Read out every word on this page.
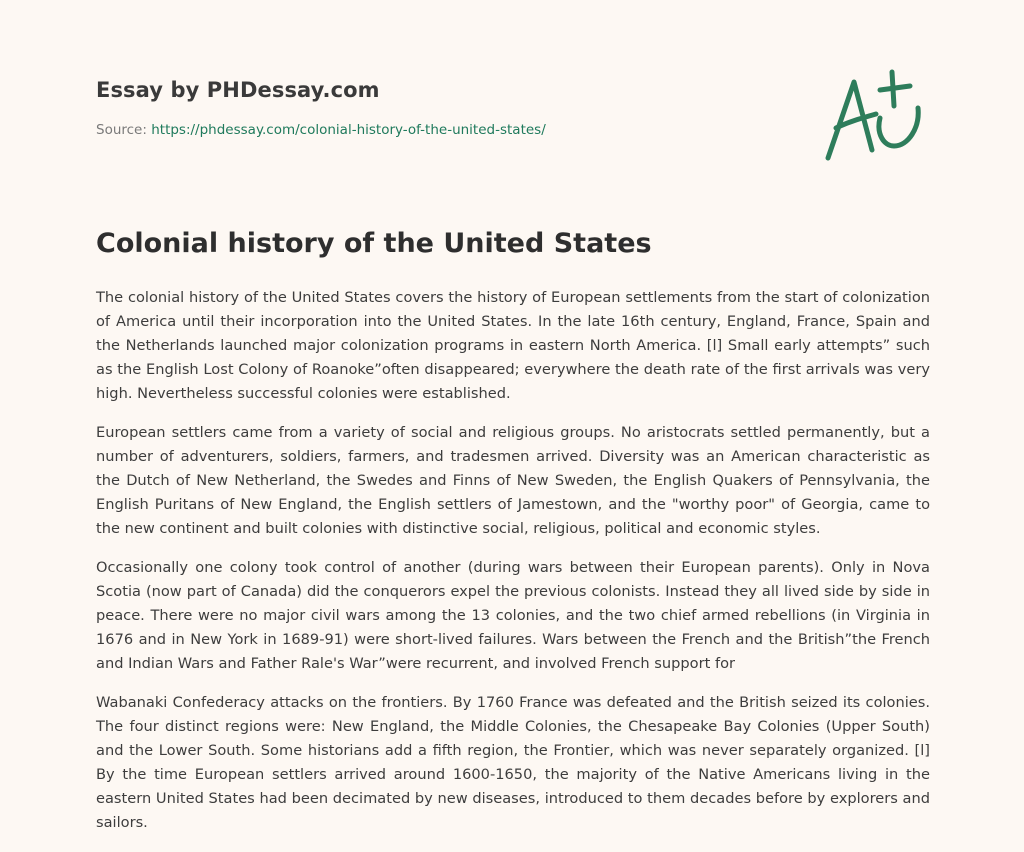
Essay by PHDessay.com
Source: https://phdessay.com/colonial-history-of-the-united-states/
Colonial history of the United States

The colonial history of the United States covers the history of European settlements from the start of colonization of America until their incorporation into the United States. In the late 16th century, England, France, Spain and the Netherlands launched major colonization programs in eastern North America. [l] Small early attempts” such as the English Lost Colony of Roanoke”often disappeared; everywhere the death rate of the first arrivals was very high. Nevertheless successful colonies were established.

European settlers came from a variety of social and religious groups. No aristocrats settled permanently, but a number of adventurers, soldiers, farmers, and tradesmen arrived. Diversity was an American characteristic as the Dutch of New Netherland, the Swedes and Finns of New Sweden, the English Quakers of Pennsylvania, the English Puritans of New England, the English settlers of Jamestown, and the "worthy poor" of Georgia, came to the new continent and built colonies with distinctive social, religious, political and economic styles.

Occasionally one colony took control of another (during wars between their European parents). Only in Nova Scotia (now part of Canada) did the conquerors expel the previous colonists. Instead they all lived side by side in peace. There were no major civil wars among the 13 colonies, and the two chief armed rebellions (in Virginia in 1676 and in New York in 1689-91) were short-lived failures. Wars between the French and the British”the French and Indian Wars and Father Rale's War”were recurrent, and involved French support for

Wabanaki Confederacy attacks on the frontiers. By 1760 France was defeated and the British seized its colonies. The four distinct regions were: New England, the Middle Colonies, the Chesapeake Bay Colonies (Upper South) and the Lower South. Some historians add a fifth region, the Frontier, which was never separately organized. [l] By the time European settlers arrived around 1600-1650, the majority of the Native Americans living in the eastern United States had been decimated by new diseases, introduced to them decades before by explorers and sailors.
